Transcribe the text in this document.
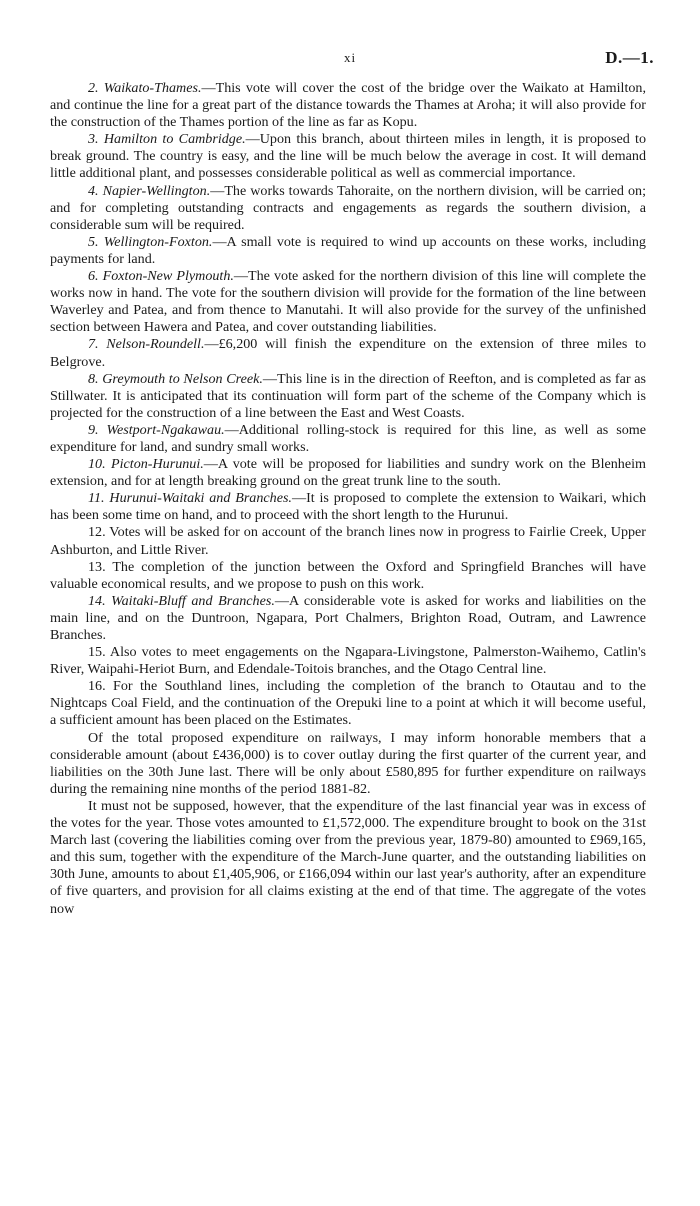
xi	D.—1.

2. Waikato-Thames.—This vote will cover the cost of the bridge over the Waikato at Hamilton, and continue the line for a great part of the distance towards the Thames at Aroha; it will also provide for the construction of the Thames portion of the line as far as Kopu.

3. Hamilton to Cambridge.—Upon this branch, about thirteen miles in length, it is proposed to break ground. The country is easy, and the line will be much below the average in cost. It will demand little additional plant, and possesses considerable political as well as commercial importance.

4. Napier-Wellington.—The works towards Tahoraite, on the northern division, will be carried on; and for completing outstanding contracts and engagements as regards the southern division, a considerable sum will be required.

5. Wellington-Foxton.—A small vote is required to wind up accounts on these works, including payments for land.

6. Foxton-New Plymouth.—The vote asked for the northern division of this line will complete the works now in hand. The vote for the southern division will provide for the formation of the line between Waverley and Patea, and from thence to Manutahi. It will also provide for the survey of the unfinished section between Hawera and Patea, and cover outstanding liabilities.

7. Nelson-Roundell.—£6,200 will finish the expenditure on the extension of three miles to Belgrove.

8. Greymouth to Nelson Creek.—This line is in the direction of Reefton, and is completed as far as Stillwater. It is anticipated that its continuation will form part of the scheme of the Company which is projected for the construction of a line between the East and West Coasts.

9. Westport-Ngakawau.—Additional rolling-stock is required for this line, as well as some expenditure for land, and sundry small works.

10. Picton-Hurunui.—A vote will be proposed for liabilities and sundry work on the Blenheim extension, and for at length breaking ground on the great trunk line to the south.

11. Hurunui-Waitaki and Branches.—It is proposed to complete the extension to Waikari, which has been some time on hand, and to proceed with the short length to the Hurunui.

12. Votes will be asked for on account of the branch lines now in progress to Fairlie Creek, Upper Ashburton, and Little River.

13. The completion of the junction between the Oxford and Springfield Branches will have valuable economical results, and we propose to push on this work.

14. Waitaki-Bluff and Branches.—A considerable vote is asked for works and liabilities on the main line, and on the Duntroon, Ngapara, Port Chalmers, Brighton Road, Outram, and Lawrence Branches.

15. Also votes to meet engagements on the Ngapara-Livingstone, Palmerston-Waihemo, Catlin's River, Waipahi-Heriot Burn, and Edendale-Toitois branches, and the Otago Central line.

16. For the Southland lines, including the completion of the branch to Otautau and to the Nightcaps Coal Field, and the continuation of the Orepuki line to a point at which it will become useful, a sufficient amount has been placed on the Estimates.

Of the total proposed expenditure on railways, I may inform honorable members that a considerable amount (about £436,000) is to cover outlay during the first quarter of the current year, and liabilities on the 30th June last. There will be only about £580,895 for further expenditure on railways during the remaining nine months of the period 1881-82.

It must not be supposed, however, that the expenditure of the last financial year was in excess of the votes for the year. Those votes amounted to £1,572,000. The expenditure brought to book on the 31st March last (covering the liabilities coming over from the previous year, 1879-80) amounted to £969,165, and this sum, together with the expenditure of the March-June quarter, and the outstanding liabilities on 30th June, amounts to about £1,405,906, or £166,094 within our last year's authority, after an expenditure of five quarters, and provision for all claims existing at the end of that time. The aggregate of the votes now
